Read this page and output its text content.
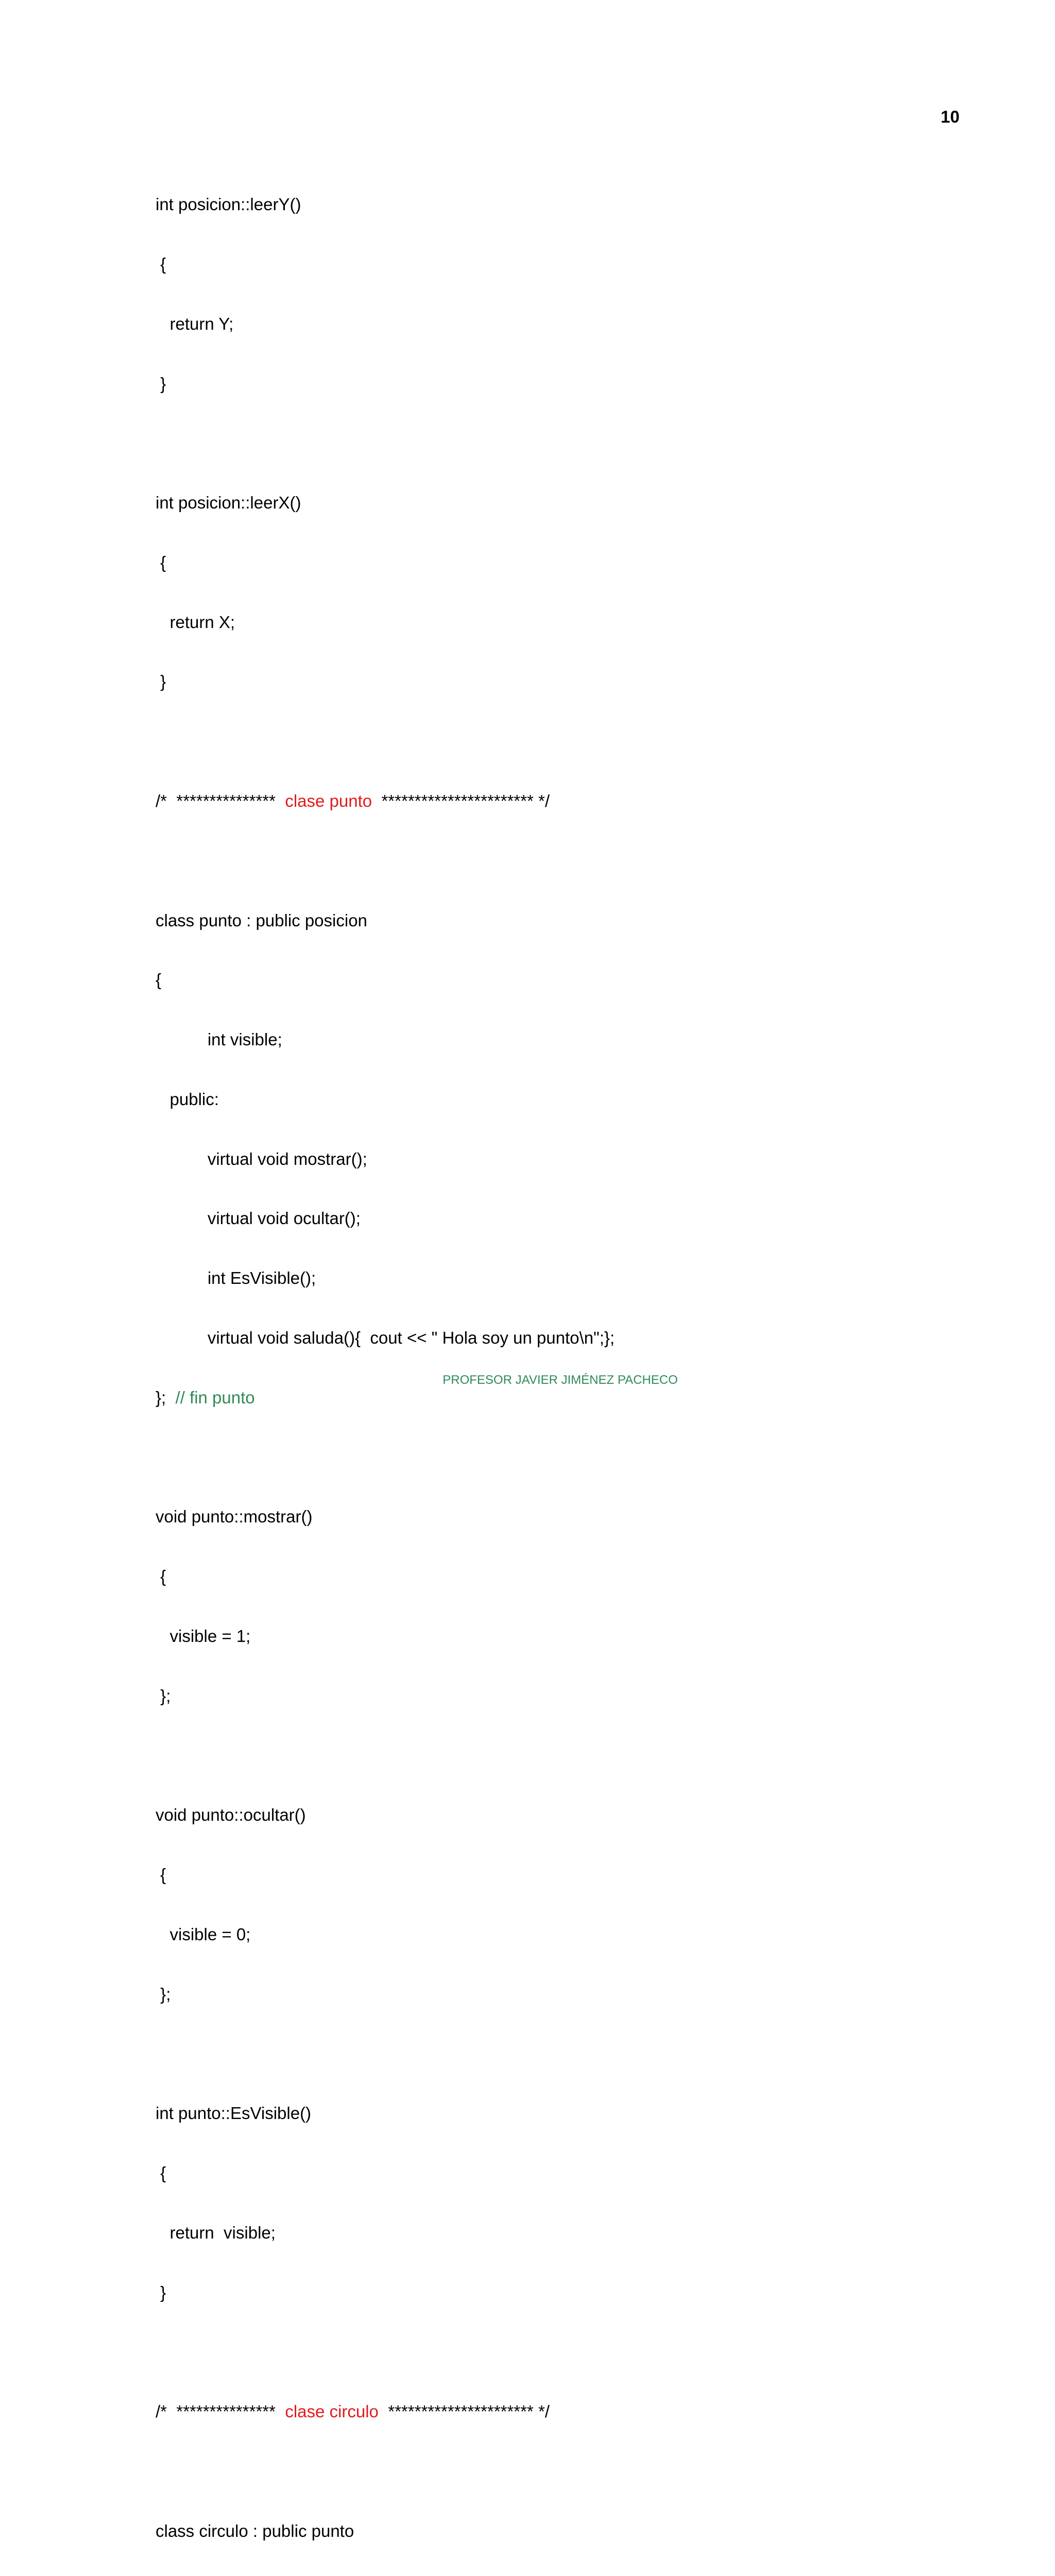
10

int posicion::leerY()

{

return Y;

}

int posicion::leerX()

{

return X;

}

/*  ***************  clase punto  *********************** */

class punto : public posicion

{

int visible;

public:

virtual void mostrar();

virtual void ocultar();

int EsVisible();

virtual void saluda(){  cout << " Hola soy un punto\n";};

};  // fin punto

void punto::mostrar()

{

visible = 1;

};

void punto::ocultar()

{

visible = 0;

};

int punto::EsVisible()

{

return  visible;

}

/*  ***************  clase circulo  ********************** */

class circulo : public punto

PROFESOR JAVIER JIMÉNEZ PACHECO
